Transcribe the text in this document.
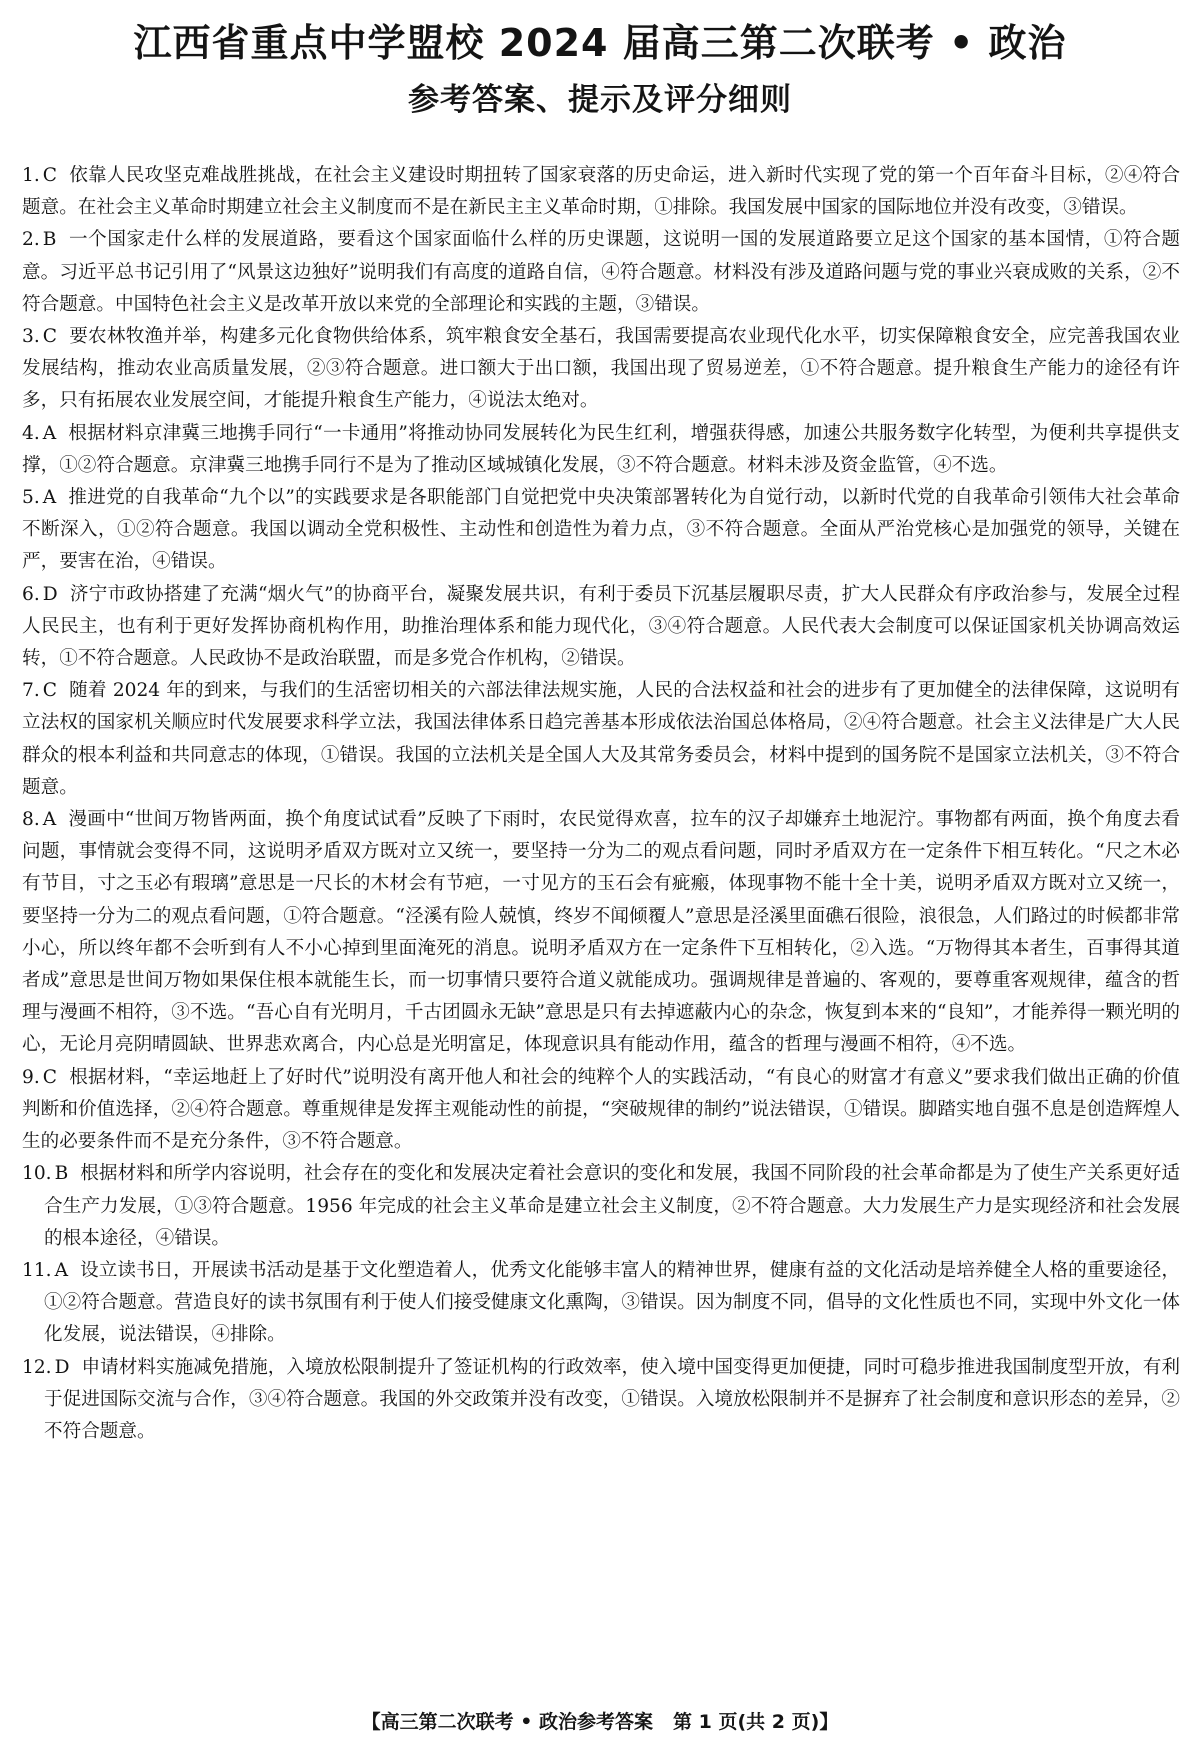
江西省重点中学盟校 2024 届高三第二次联考 • 政治
参考答案、提示及评分细则
1. C 依靠人民攻坚克难战胜挑战，在社会主义建设时期扭转了国家衰落的历史命运，进入新时代实现了党的第一个百年奋斗目标，②④符合题意。在社会主义革命时期建立社会主义制度而不是在新民主主义革命时期，①排除。我国发展中国家的国际地位并没有改变，③错误。
2. B 一个国家走什么样的发展道路，要看这个国家面临什么样的历史课题，这说明一国的发展道路要立足这个国家的基本国情，①符合题意。习近平总书记引用了“风景这边独好”说明我们有高度的道路自信，④符合题意。材料没有涉及道路问题与党的事业兴衰成败的关系，②不符合题意。中国特色社会主义是改革开放以来党的全部理论和实践的主题，③错误。
3. C 要农林牧渔并举，构建多元化食物供给体系，筑牢粮食安全基石，我国需要提高农业现代化水平，切实保障粮食安全，应完善我国农业发展结构，推动农业高质量发展，②③符合题意。进口额大于出口额，我国出现了贸易逆差，①不符合题意。提升粮食生产能力的途径有许多，只有拓展农业发展空间，才能提升粮食生产能力，④说法太绝对。
4. A 根据材料京津冀三地携手同行“一卡通用”将推动协同发展转化为民生红利，增强获得感，加速公共服务数字化转型，为便利共享提供支撑，①②符合题意。京津冀三地携手同行不是为了推动区域城镇化发展，③不符合题意。材料未涉及资金监管，④不选。
5. A 推进党的自我革命“九个以”的实践要求是各职能部门自觉把党中央决策部署转化为自觉行动，以新时代党的自我革命引领伟大社会革命不断深入，①②符合题意。我国以调动全党积极性、主动性和创造性为着力点，③不符合题意。全面从严治党核心是加强党的领导，关键在严，要害在治，④错误。
6. D 济宁市政协搭建了充满“烟火气”的协商平台，凝聚发展共识，有利于委员下沉基层履职尽责，扩大人民群众有序政治参与，发展全过程人民民主，也有利于更好发挥协商机构作用，助推治理体系和能力现代化，③④符合题意。人民代表大会制度可以保证国家机关协调高效运转，①不符合题意。人民政协不是政治联盟，而是多党合作机构，②错误。
7. C 随着 2024 年的到来，与我们的生活密切相关的六部法律法规实施，人民的合法权益和社会的进步有了更加健全的法律保障，这说明有立法权的国家机关顺应时代发展要求科学立法，我国法律体系日趋完善基本形成依法治国总体格局，②④符合题意。社会主义法律是广大人民群众的根本利益和共同意志的体现，①错误。我国的立法机关是全国人大及其常务委员会，材料中提到的国务院不是国家立法机关，③不符合题意。
8. A 漫画中“世间万物皆两面，换个角度试试看”反映了下雨时，农民觉得欢喜，拉车的汉子却嫌弃土地泥泞。事物都有两面，换个角度去看问题，事情就会变得不同，这说明矛盾双方既对立又统一，要坚持一分为二的观点看问题，同时矛盾双方在一定条件下相互转化。“尺之木必有节目，寸之玉必有瑕璃”意思是一尺长的木材会有节疤，一寸见方的玉石会有疵瘢，体现事物不能十全十美，说明矛盾双方既对立又统一，要坚持一分为二的观点看问题，①符合题意。“泾溪有险人兢慎，终岁不闻倾覆人”意思是泾溪里面礁石很险，浪很急，人们路过的时候都非常小心，所以终年都不会听到有人不小心掉到里面淹死的消息。说明矛盾双方在一定条件下互相转化，②入选。“万物得其本者生，百事得其道者成”意思是世间万物如果保住根本就能生长，而一切事情只要符合道义就能成功。强调规律是普遍的、客观的，要尊重客观规律，蕴含的哲理与漫画不相符，③不选。“吾心自有光明月，千古团圆永无缺”意思是只有去掉遮蔽内心的杂念，恢复到本来的“良知”，才能养得一颗光明的心，无论月亮阴晴圆缺、世界悲欢离合，内心总是光明富足，体现意识具有能动作用，蕴含的哲理与漫画不相符，④不选。
9. C 根据材料，“幸运地赶上了好时代”说明没有离开他人和社会的纯粹个人的实践活动，“有良心的财富才有意义”要求我们做出正确的价值判断和价值选择，②④符合题意。尊重规律是发挥主观能动性的前提，“突破规律的制约”说法错误，①错误。脚踏实地自强不息是创造辉煌人生的必要条件而不是充分条件，③不符合题意。
10. B 根据材料和所学内容说明，社会存在的变化和发展决定着社会意识的变化和发展，我国不同阶段的社会革命都是为了使生产关系更好适合生产力发展，①③符合题意。1956 年完成的社会主义革命是建立社会主义制度，②不符合题意。大力发展生产力是实现经济和社会发展的根本途径，④错误。
11. A 设立读书日，开展读书活动是基于文化塑造着人，优秀文化能够丰富人的精神世界，健康有益的文化活动是培养健全人格的重要途径，①②符合题意。营造良好的读书氛围有利于使人们接受健康文化熏陶，③错误。因为制度不同，倡导的文化性质也不同，实现中外文化一体化发展，说法错误，④排除。
12. D 申请材料实施减免措施，入境放松限制提升了签证机构的行政效率，使入境中国变得更加便捷，同时可稳步推进我国制度型开放，有利于促进国际交流与合作，③④符合题意。我国的外交政策并没有改变，①错误。入境放松限制并不是摒弃了社会制度和意识形态的差异，②不符合题意。
【高三第二次联考 • 政治参考答案 第 1 页(共 2 页)】
